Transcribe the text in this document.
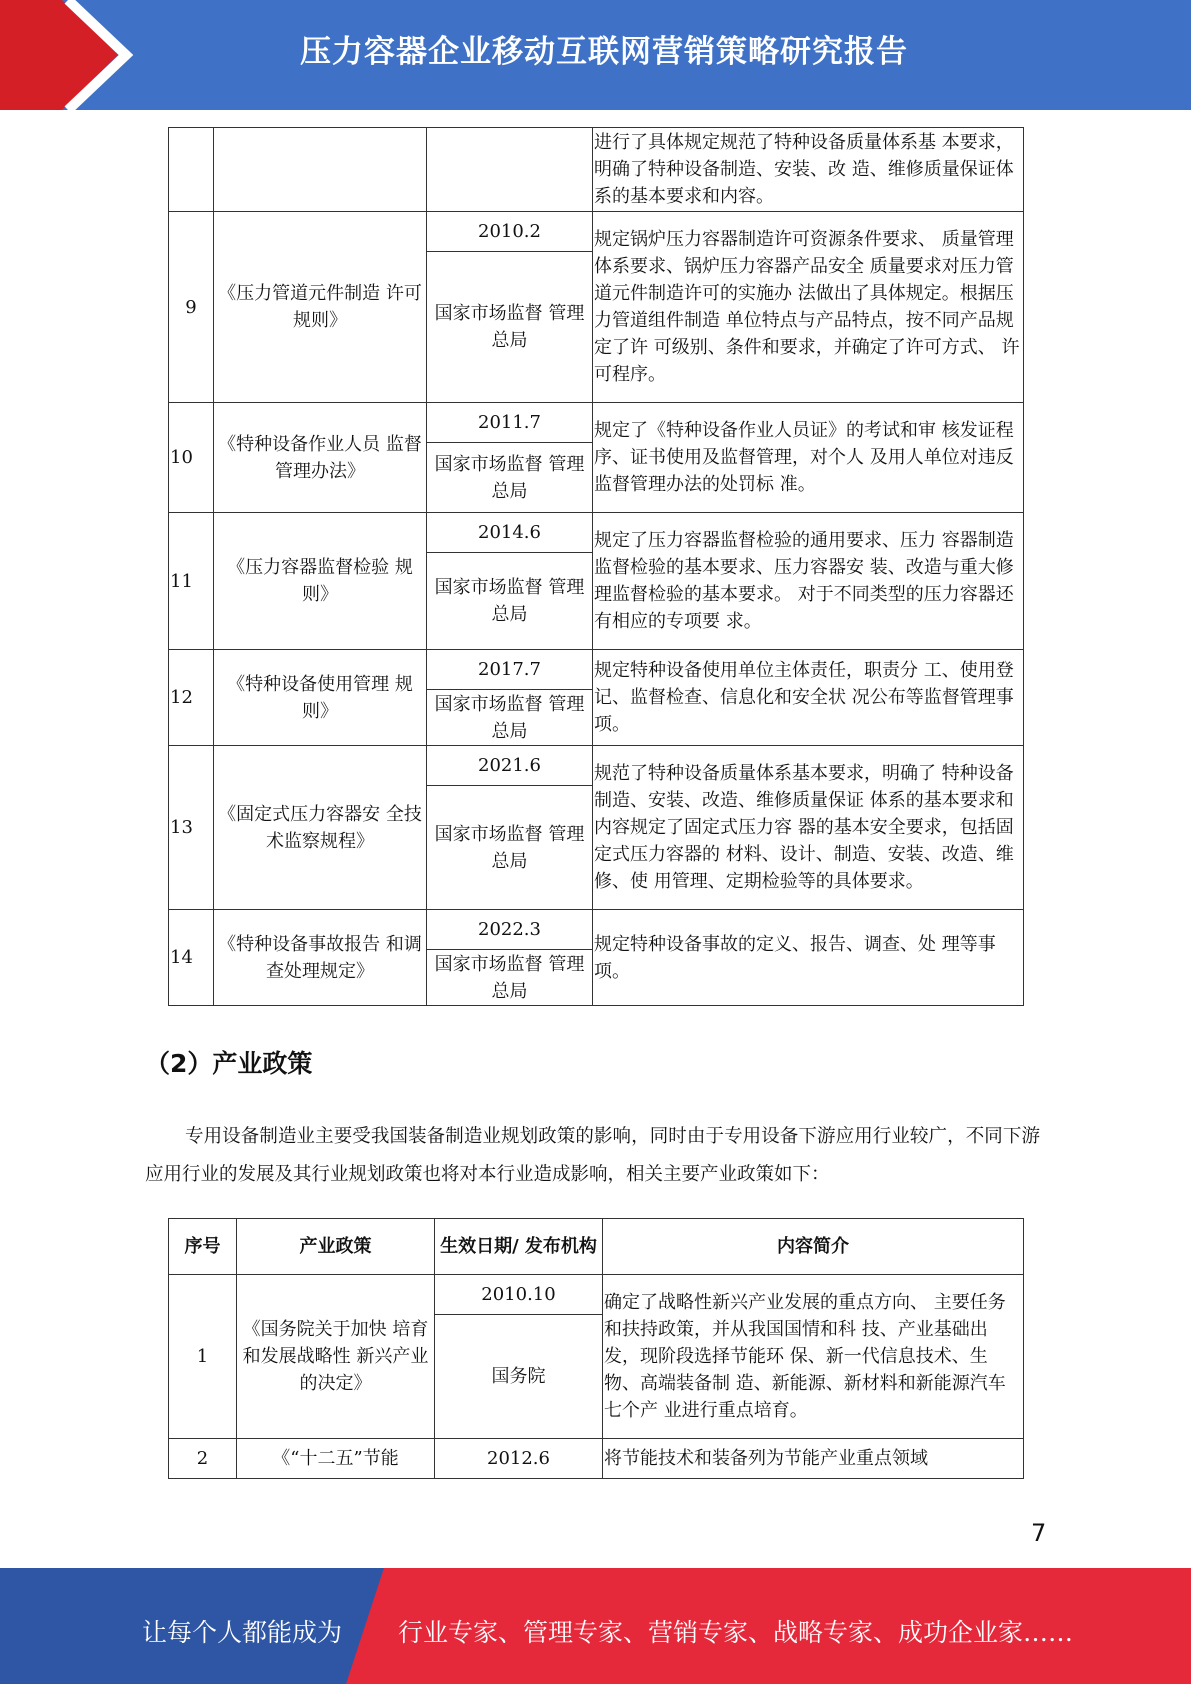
压力容器企业移动互联网营销策略研究报告
			进行了具体规定规范了特种设备质量体系基 本要求，明确了特种设备制造、安装、改 造、维修质量保证体系的基本要求和内容。
9	《压力管道元件制造 许可规则》	2010.2	规定锅炉压力容器制造许可资源条件要求、 质量管理体系要求、锅炉压力容器产品安全 质量要求对压力管道元件制造许可的实施办 法做出了具体规定。根据压力管道组件制造 单位特点与产品特点，按不同产品规定了许 可级别、条件和要求，并确定了许可方式、 许可程序。
		国家市场监督 管理总局	
10	《特种设备作业人员 监督管理办法》	2011.7	规定了《特种设备作业人员证》的考试和审 核发证程序、证书使用及监督管理，对个人 及用人单位对违反监督管理办法的处罚标 准。
		国家市场监督 管理总局	
11	《压力容器监督检验 规则》	2014.6	规定了压力容器监督检验的通用要求、压力 容器制造监督检验的基本要求、压力容器安 装、改造与重大修理监督检验的基本要求。 对于不同类型的压力容器还有相应的专项要 求。
		国家市场监督 管理总局	
12	《特种设备使用管理 规则》	2017.7	规定特种设备使用单位主体责任，职责分 工、使用登记、监督检查、信息化和安全状 况公布等监督管理事项。
		国家市场监督 管理总局	
13	《固定式压力容器安 全技术监察规程》	2021.6	规范了特种设备质量体系基本要求，明确了 特种设备制造、安装、改造、维修质量保证 体系的基本要求和内容规定了固定式压力容 器的基本安全要求，包括固定式压力容器的 材料、设计、制造、安装、改造、维修、使 用管理、定期检验等的具体要求。
		国家市场监督 管理总局	
14	《特种设备事故报告 和调查处理规定》	2022.3	规定特种设备事故的定义、报告、调查、处 理等事项。
		国家市场监督 管理总局	
（2）产业政策
专用设备制造业主要受我国装备制造业规划政策的影响，同时由于专用设备下游应用行业较广，不同下游应用行业的发展及其行业规划政策也将对本行业造成影响，相关主要产业政策如下：
序号	产业政策	生效日期/ 发布机构	内容简介
1	《国务院关于加快 培育和发展战略性 新兴产业的决定》	2010.10	确定了战略性新兴产业发展的重点方向、 主要任务和扶持政策，并从我国国情和科 技、产业基础出发，现阶段选择节能环 保、新一代信息技术、生物、高端装备制 造、新能源、新材料和新能源汽车七个产 业进行重点培育。
		国务院	
2	《“十二五”节能	2012.6	将节能技术和装备列为节能产业重点领域
7
让每个人都能成为 行业专家、管理专家、营销专家、战略专家、成功企业家……
